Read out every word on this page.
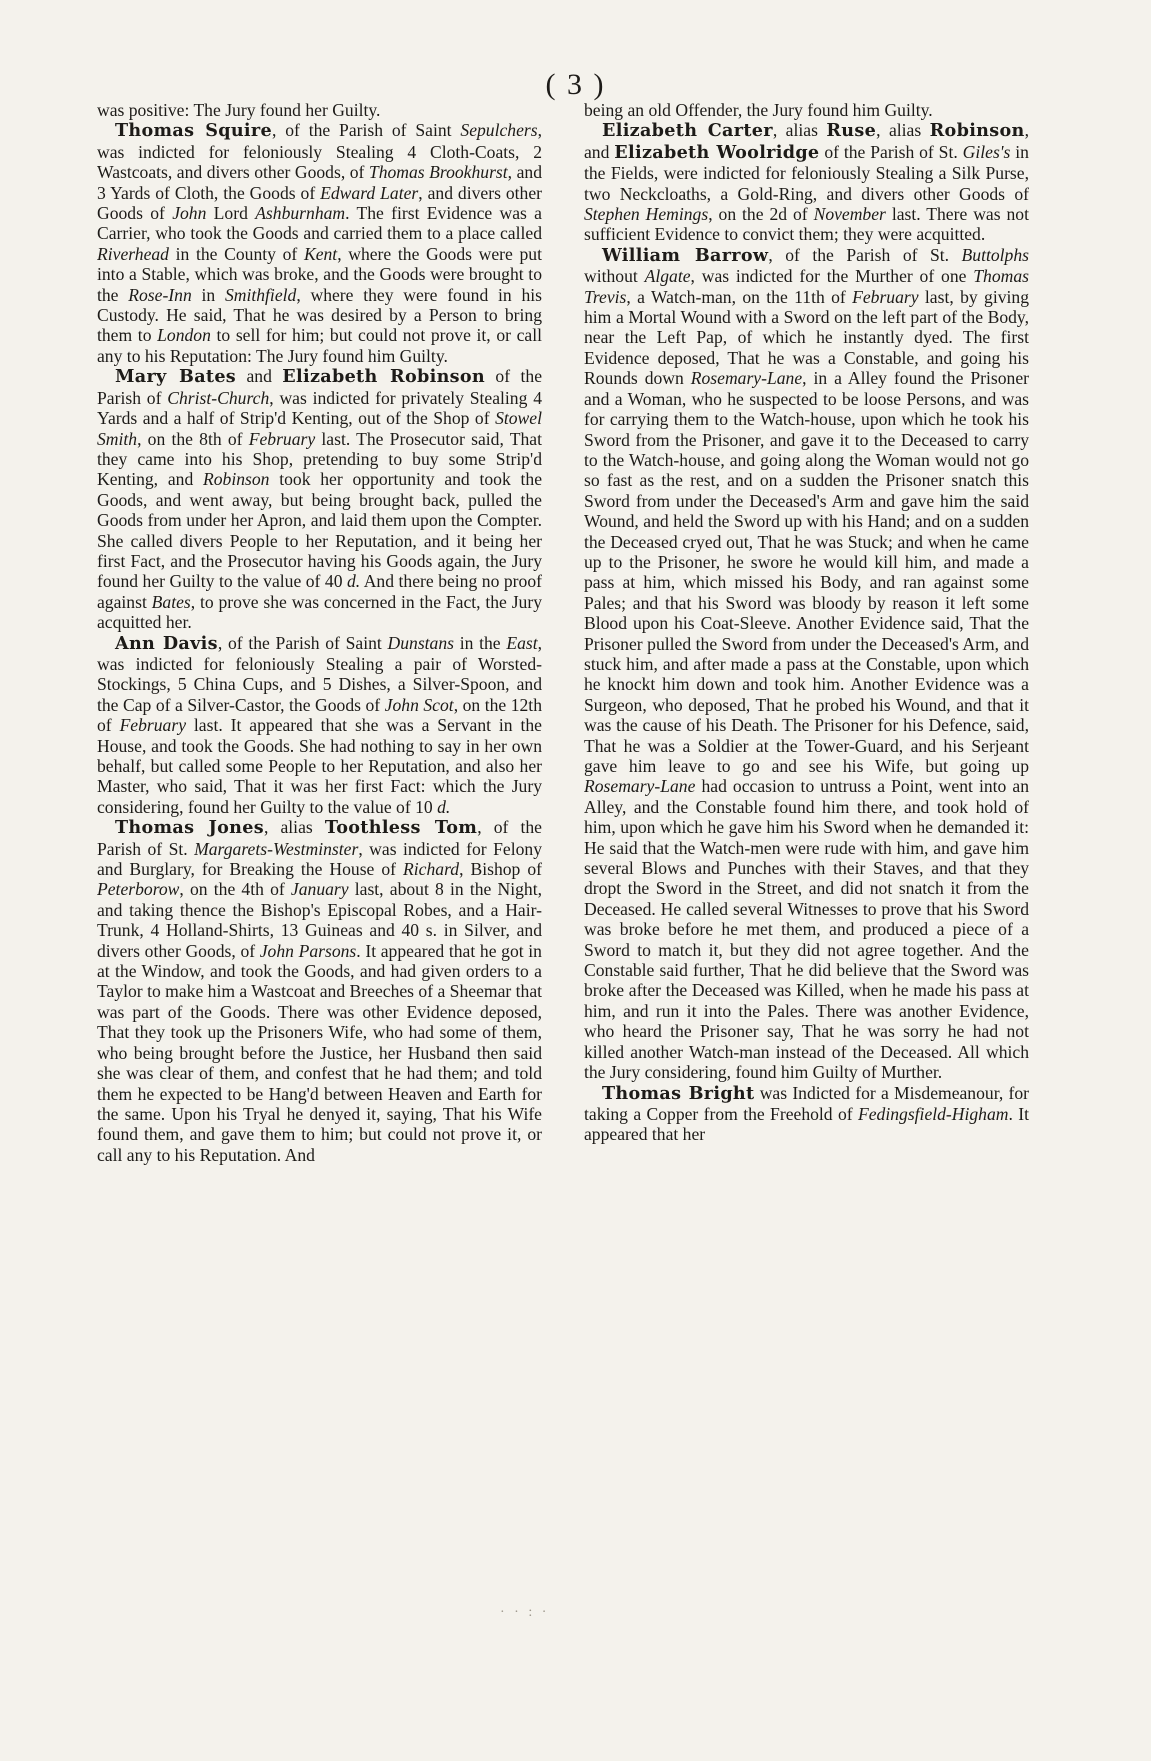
( 3 )

was positive: The Jury found her Guilty.

Thomas Squire, of the Parish of Saint Sepulchers, was indicted for feloniously Stealing 4 Cloth-Coats, 2 Wastcoats, and divers other Goods, of Thomas Brookhurst, and 3 Yards of Cloth, the Goods of Edward Later, and divers other Goods of John Lord Ashburnham. The first Evidence was a Carrier, who took the Goods and carried them to a place called Riverhead in the County of Kent, where the Goods were put into a Stable, which was broke, and the Goods were brought to the Rose-Inn in Smithfield, where they were found in his Custody. He said, That he was desired by a Person to bring them to London to sell for him; but could not prove it, or call any to his Reputation: The Jury found him Guilty.

Mary Bates and Elizabeth Robinson of the Parish of Christ-Church, was indicted for privately Stealing 4 Yards and a half of Strip'd Kenting, out of the Shop of Stowel Smith, on the 8th of February last. The Prosecutor said, That they came into his Shop, pretending to buy some Strip'd Kenting, and Robinson took her opportunity and took the Goods, and went away, but being brought back, pulled the Goods from under her Apron, and laid them upon the Compter. She called divers People to her Reputation, and it being her first Fact, and the Prosecutor having his Goods again, the Jury found her Guilty to the value of 40 d. And there being no proof against Bates, to prove she was concerned in the Fact, the Jury acquitted her.

Ann Davis, of the Parish of Saint Dunstans in the East, was indicted for feloniously Stealing a pair of Worsted-Stockings, 5 China Cups, and 5 Dishes, a Silver-Spoon, and the Cap of a Silver-Castor, the Goods of John Scot, on the 12th of February last. It appeared that she was a Servant in the House, and took the Goods. She had nothing to say in her own behalf, but called some People to her Reputation, and also her Master, who said, That it was her first Fact: which the Jury considering, found her Guilty to the value of 10 d.

Thomas Jones, alias Toothless Tom, of the Parish of St. Margarets-Westminster, was indicted for Felony and Burglary, for Breaking the House of Richard, Bishop of Peterborow, on the 4th of January last, about 8 in the Night, and taking thence the Bishop's Episcopal Robes, and a Hair-Trunk, 4 Holland-Shirts, 13 Guineas and 40 s. in Silver, and divers other Goods, of John Parsons. It appeared that he got in at the Window, and took the Goods, and had given orders to a Taylor to make him a Wastcoat and Breeches of a Sheemar that was part of the Goods. There was other Evidence deposed, That they took up the Prisoners Wife, who had some of them, who being brought before the Justice, her Husband then said she was clear of them, and confest that he had them; and told them he expected to be Hang'd between Heaven and Earth for the same. Upon his Tryal he denyed it, saying, That his Wife found them, and gave them to him; but could not prove it, or call any to his Reputation. And

being an old Offender, the Jury found him Guilty.

Elizabeth Carter, alias Ruse, alias Robinson, and Elizabeth Woolridge of the Parish of St. Giles's in the Fields, were indicted for feloniously Stealing a Silk Purse, two Neckcloaths, a Gold-Ring, and divers other Goods of Stephen Hemings, on the 2d of November last. There was not sufficient Evidence to convict them; they were acquitted.

William Barrow, of the Parish of St. Buttolphs without Algate, was indicted for the Murther of one Thomas Trevis, a Watch-man, on the 11th of February last, by giving him a Mortal Wound with a Sword on the left part of the Body, near the Left Pap, of which he instantly dyed. The first Evidence deposed, That he was a Constable, and going his Rounds down Rosemary-Lane, in a Alley found the Prisoner and a Woman, who he suspected to be loose Persons, and was for carrying them to the Watch-house, upon which he took his Sword from the Prisoner, and gave it to the Deceased to carry to the Watch-house, and going along the Woman would not go so fast as the rest, and on a sudden the Prisoner snatch this Sword from under the Deceased's Arm and gave him the said Wound, and held the Sword up with his Hand; and on a sudden the Deceased cryed out, That he was Stuck; and when he came up to the Prisoner, he swore he would kill him, and made a pass at him, which missed his Body, and ran against some Pales; and that his Sword was bloody by reason it left some Blood upon his Coat-Sleeve. Another Evidence said, That the Prisoner pulled the Sword from under the Deceased's Arm, and stuck him, and after made a pass at the Constable, upon which he knockt him down and took him. Another Evidence was a Surgeon, who deposed, That he probed his Wound, and that it was the cause of his Death. The Prisoner for his Defence, said, That he was a Soldier at the Tower-Guard, and his Serjeant gave him leave to go and see his Wife, but going up Rosemary-Lane had occasion to untruss a Point, went into an Alley, and the Constable found him there, and took hold of him, upon which he gave him his Sword when he demanded it: He said that the Watch-men were rude with him, and gave him several Blows and Punches with their Staves, and that they dropt the Sword in the Street, and did not snatch it from the Deceased. He called several Witnesses to prove that his Sword was broke before he met them, and produced a piece of a Sword to match it, but they did not agree together. And the Constable said further, That he did believe that the Sword was broke after the Deceased was Killed, when he made his pass at him, and run it into the Pales. There was another Evidence, who heard the Prisoner say, That he was sorry he had not killed another Watch-man instead of the Deceased. All which the Jury considering, found him Guilty of Murther.

Thomas Bright was Indicted for a Misdemeanour, for taking a Copper from the Freehold of Fedingsfield-Higham. It appeared that her

· · : ·
